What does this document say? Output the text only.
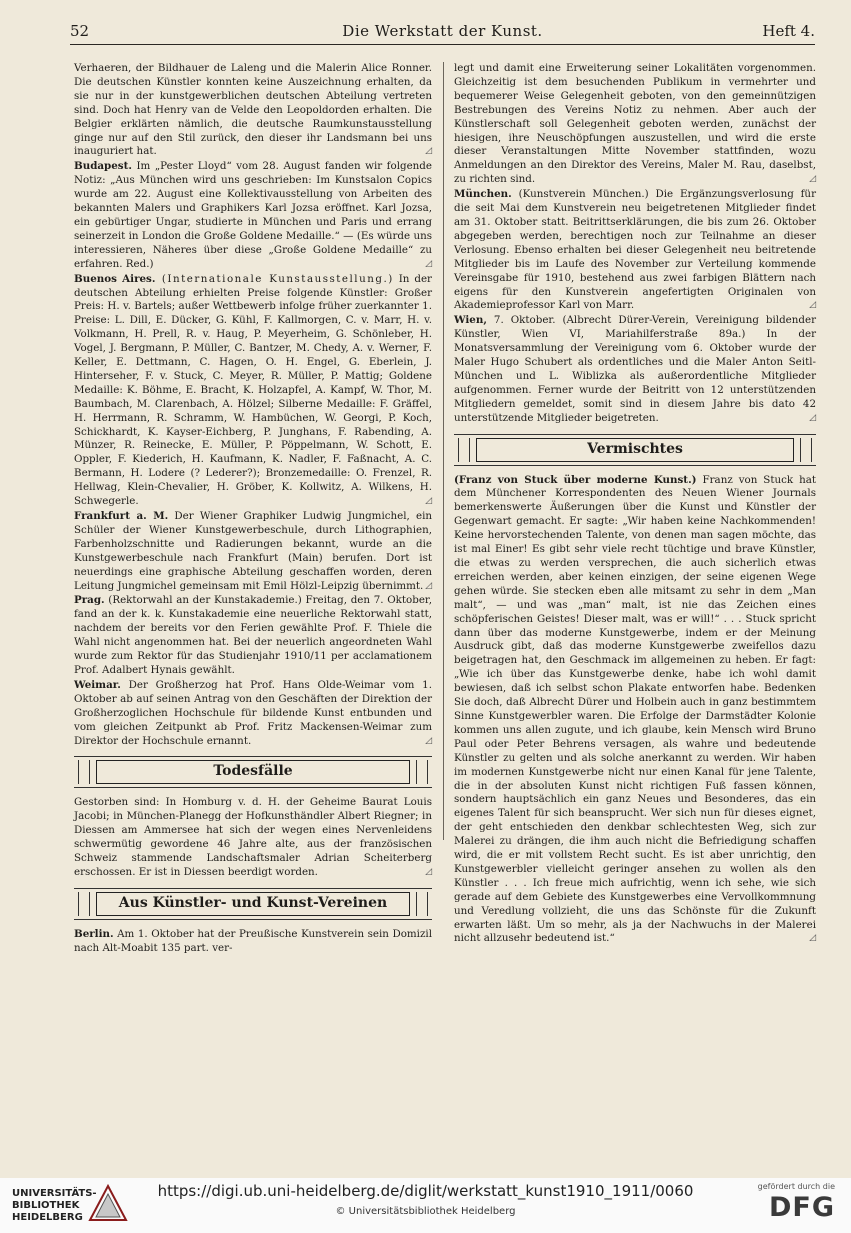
52	Die Werkstatt der Kunst.	Heft 4.

Verhaeren, der Bildhauer de Laleng und die Malerin Alice Ronner. Die deutschen Künstler konnten keine Auszeichnung erhalten, da sie nur in der kunstgewerblichen deutschen Abteilung vertreten sind. Doch hat Henry van de Velde den Leopoldorden erhalten. Die Belgier erklärten nämlich, die deutsche Raumkunstausstellung ginge nur auf den Stil zurück, den dieser ihr Landsmann bei uns inauguriert hat.	◿

Budapest. Im „Pester Lloyd“ vom 28. August fanden wir folgende Notiz: „Aus München wird uns geschrieben: Im Kunstsalon Copics wurde am 22. August eine Kollektivausstellung von Arbeiten des bekannten Malers und Graphikers Karl Jozsa eröffnet. Karl Jozsa, ein gebürtiger Ungar, studierte in München und Paris und errang seinerzeit in London die Große Goldene Medaille.“ — (Es würde uns interessieren, Näheres über diese „Große Goldene Medaille“ zu erfahren. Red.)	◿

Buenos Aires. (Internationale Kunstausstellung.) In der deutschen Abteilung erhielten Preise folgende Künstler: Großer Preis: H. v. Bartels; außer Wettbewerb infolge früher zuerkannter 1. Preise: L. Dill, E. Dücker, G. Kühl, F. Kallmorgen, C. v. Marr, H. v. Volkmann, H. Prell, R. v. Haug, P. Meyerheim, G. Schönleber, H. Vogel, J. Bergmann, P. Müller, C. Bantzer, M. Chedy, A. v. Werner, F. Keller, E. Dettmann, C. Hagen, O. H. Engel, G. Eberlein, J. Hinterseher, F. v. Stuck, C. Meyer, R. Müller, P. Mattig; Goldene Medaille: K. Böhme, E. Bracht, K. Holzapfel, A. Kampf, W. Thor, M. Baumbach, M. Clarenbach, A. Hölzel; Silberne Medaille: F. Gräffel, H. Herrmann, R. Schramm, W. Hambüchen, W. Georgi, P. Koch, Schickhardt, K. Kayser-Eichberg, P. Junghans, F. Rabending, A. Münzer, R. Reinecke, E. Müller, P. Pöppelmann, W. Schott, E. Oppler, F. Kiederich, H. Kaufmann, K. Nadler, F. Faßnacht, A. C. Bermann, H. Lodere (? Lederer?); Bronzemedaille: O. Frenzel, R. Hellwag, Klein-Chevalier, H. Gröber, K. Kollwitz, A. Wilkens, H. Schwegerle.	◿

Frankfurt a. M. Der Wiener Graphiker Ludwig Jungmichel, ein Schüler der Wiener Kunstgewerbeschule, durch Lithographien, Farbenholzschnitte und Radierungen bekannt, wurde an die Kunstgewerbeschule nach Frankfurt (Main) berufen. Dort ist neuerdings eine graphische Abteilung geschaffen worden, deren Leitung Jungmichel gemeinsam mit Emil Hölzl-Leipzig übernimmt. ◿

Prag. (Rektorwahl an der Kunstakademie.) Freitag, den 7. Oktober, fand an der k. k. Kunstakademie eine neuerliche Rektorwahl statt, nachdem der bereits vor den Ferien gewählte Prof. F. Thiele die Wahl nicht angenommen hat. Bei der neuerlich angeordneten Wahl wurde zum Rektor für das Studienjahr 1910/11 per acclamationem Prof. Adalbert Hynais gewählt.

Weimar. Der Großherzog hat Prof. Hans Olde-Weimar vom 1. Oktober ab auf seinen Antrag von den Geschäften der Direktion der Großherzoglichen Hochschule für bildende Kunst entbunden und vom gleichen Zeitpunkt ab Prof. Fritz Mackensen-Weimar zum Direktor der Hochschule ernannt.	◿

Todesfälle

Gestorben sind: In Homburg v. d. H. der Geheime Baurat Louis Jacobi; in München-Planegg der Hofkunsthändler Albert Riegner; in Diessen am Ammersee hat sich der wegen eines Nervenleidens schwermütig gewordene 46 Jahre alte, aus der französischen Schweiz stammende Landschaftsmaler Adrian Scheiterberg erschossen. Er ist in Diessen beerdigt worden.	◿

Aus Künstler- und Kunst-Vereinen

Berlin. Am 1. Oktober hat der Preußische Kunstverein sein Domizil nach Alt-Moabit 135 part. ver-

legt und damit eine Erweiterung seiner Lokalitäten vorgenommen. Gleichzeitig ist dem besuchenden Publikum in vermehrter und bequemerer Weise Gelegenheit geboten, von den gemeinnützigen Bestrebungen des Vereins Notiz zu nehmen. Aber auch der Künstlerschaft soll Gelegenheit geboten werden, zunächst der hiesigen, ihre Neuschöpfungen auszustellen, und wird die erste dieser Veranstaltungen Mitte November stattfinden, wozu Anmeldungen an den Direktor des Vereins, Maler M. Rau, daselbst, zu richten sind.	◿

München. (Kunstverein München.) Die Ergänzungsverlosung für die seit Mai dem Kunstverein neu beigetretenen Mitglieder findet am 31. Oktober statt. Beitrittserklärungen, die bis zum 26. Oktober abgegeben werden, berechtigen noch zur Teilnahme an dieser Verlosung. Ebenso erhalten bei dieser Gelegenheit neu beitretende Mitglieder bis im Laufe des November zur Verteilung kommende Vereinsgabe für 1910, bestehend aus zwei farbigen Blättern nach eigens für den Kunstverein angefertigten Originalen von Akademieprofessor Karl von Marr.	◿

Wien, 7. Oktober. (Albrecht Dürer-Verein, Vereinigung bildender Künstler, Wien VI, Mariahilferstraße 89a.) In der Monatsversammlung der Vereinigung vom 6. Oktober wurde der Maler Hugo Schubert als ordentliches und die Maler Anton Seitl-München und L. Wiblizka als außerordentliche Mitglieder aufgenommen. Ferner wurde der Beitritt von 12 unterstützenden Mitgliedern gemeldet, somit sind in diesem Jahre bis dato 42 unterstützende Mitglieder beigetreten.	◿

Vermischtes

(Franz von Stuck über moderne Kunst.) Franz von Stuck hat dem Münchener Korrespondenten des Neuen Wiener Journals bemerkenswerte Äußerungen über die Kunst und Künstler der Gegenwart gemacht. Er sagte: „Wir haben keine Nachkommenden! Keine hervorstechenden Talente, von denen man sagen möchte, das ist mal Einer! Es gibt sehr viele recht tüchtige und brave Künstler, die etwas zu werden versprechen, die auch sicherlich etwas erreichen werden, aber keinen einzigen, der seine eigenen Wege gehen würde. Sie stecken eben alle mitsamt zu sehr in dem „Man malt“, — und was „man“ malt, ist nie das Zeichen eines schöpferischen Geistes! Dieser malt, was er will!“ . . . Stuck spricht dann über das moderne Kunstgewerbe, indem er der Meinung Ausdruck gibt, daß das moderne Kunstgewerbe zweifellos dazu beigetragen hat, den Geschmack im allgemeinen zu heben. Er fagt: „Wie ich über das Kunstgewerbe denke, habe ich wohl damit bewiesen, daß ich selbst schon Plakate entworfen habe. Bedenken Sie doch, daß Albrecht Dürer und Holbein auch in ganz bestimmtem Sinne Kunstgewerbler waren. Die Erfolge der Darmstädter Kolonie kommen uns allen zugute, und ich glaube, kein Mensch wird Bruno Paul oder Peter Behrens versagen, als wahre und bedeutende Künstler zu gelten und als solche anerkannt zu werden. Wir haben im modernen Kunstgewerbe nicht nur einen Kanal für jene Talente, die in der absoluten Kunst nicht richtigen Fuß fassen können, sondern hauptsächlich ein ganz Neues und Besonderes, das ein eigenes Talent für sich beansprucht. Wer sich nun für dieses eignet, der geht entschieden den denkbar schlechtesten Weg, sich zur Malerei zu drängen, die ihm auch nicht die Befriedigung schaffen wird, die er mit vollstem Recht sucht. Es ist aber unrichtig, den Kunstgewerbler vielleicht geringer ansehen zu wollen als den Künstler . . . Ich freue mich aufrichtig, wenn ich sehe, wie sich gerade auf dem Gebiete des Kunstgewerbes eine Vervollkommnung und Veredlung vollzieht, die uns das Schönste für die Zukunft erwarten läßt. Um so mehr, als ja der Nachwuchs in der Malerei nicht allzusehr bedeutend ist.“	◿

UNIVERSITÄTS-
BIBLIOTHEK
HEIDELBERG
https://digi.ub.uni-heidelberg.de/diglit/werkstatt_kunst1910_1911/0060
© Universitätsbibliothek Heidelberg
gefördert durch die
DFG
